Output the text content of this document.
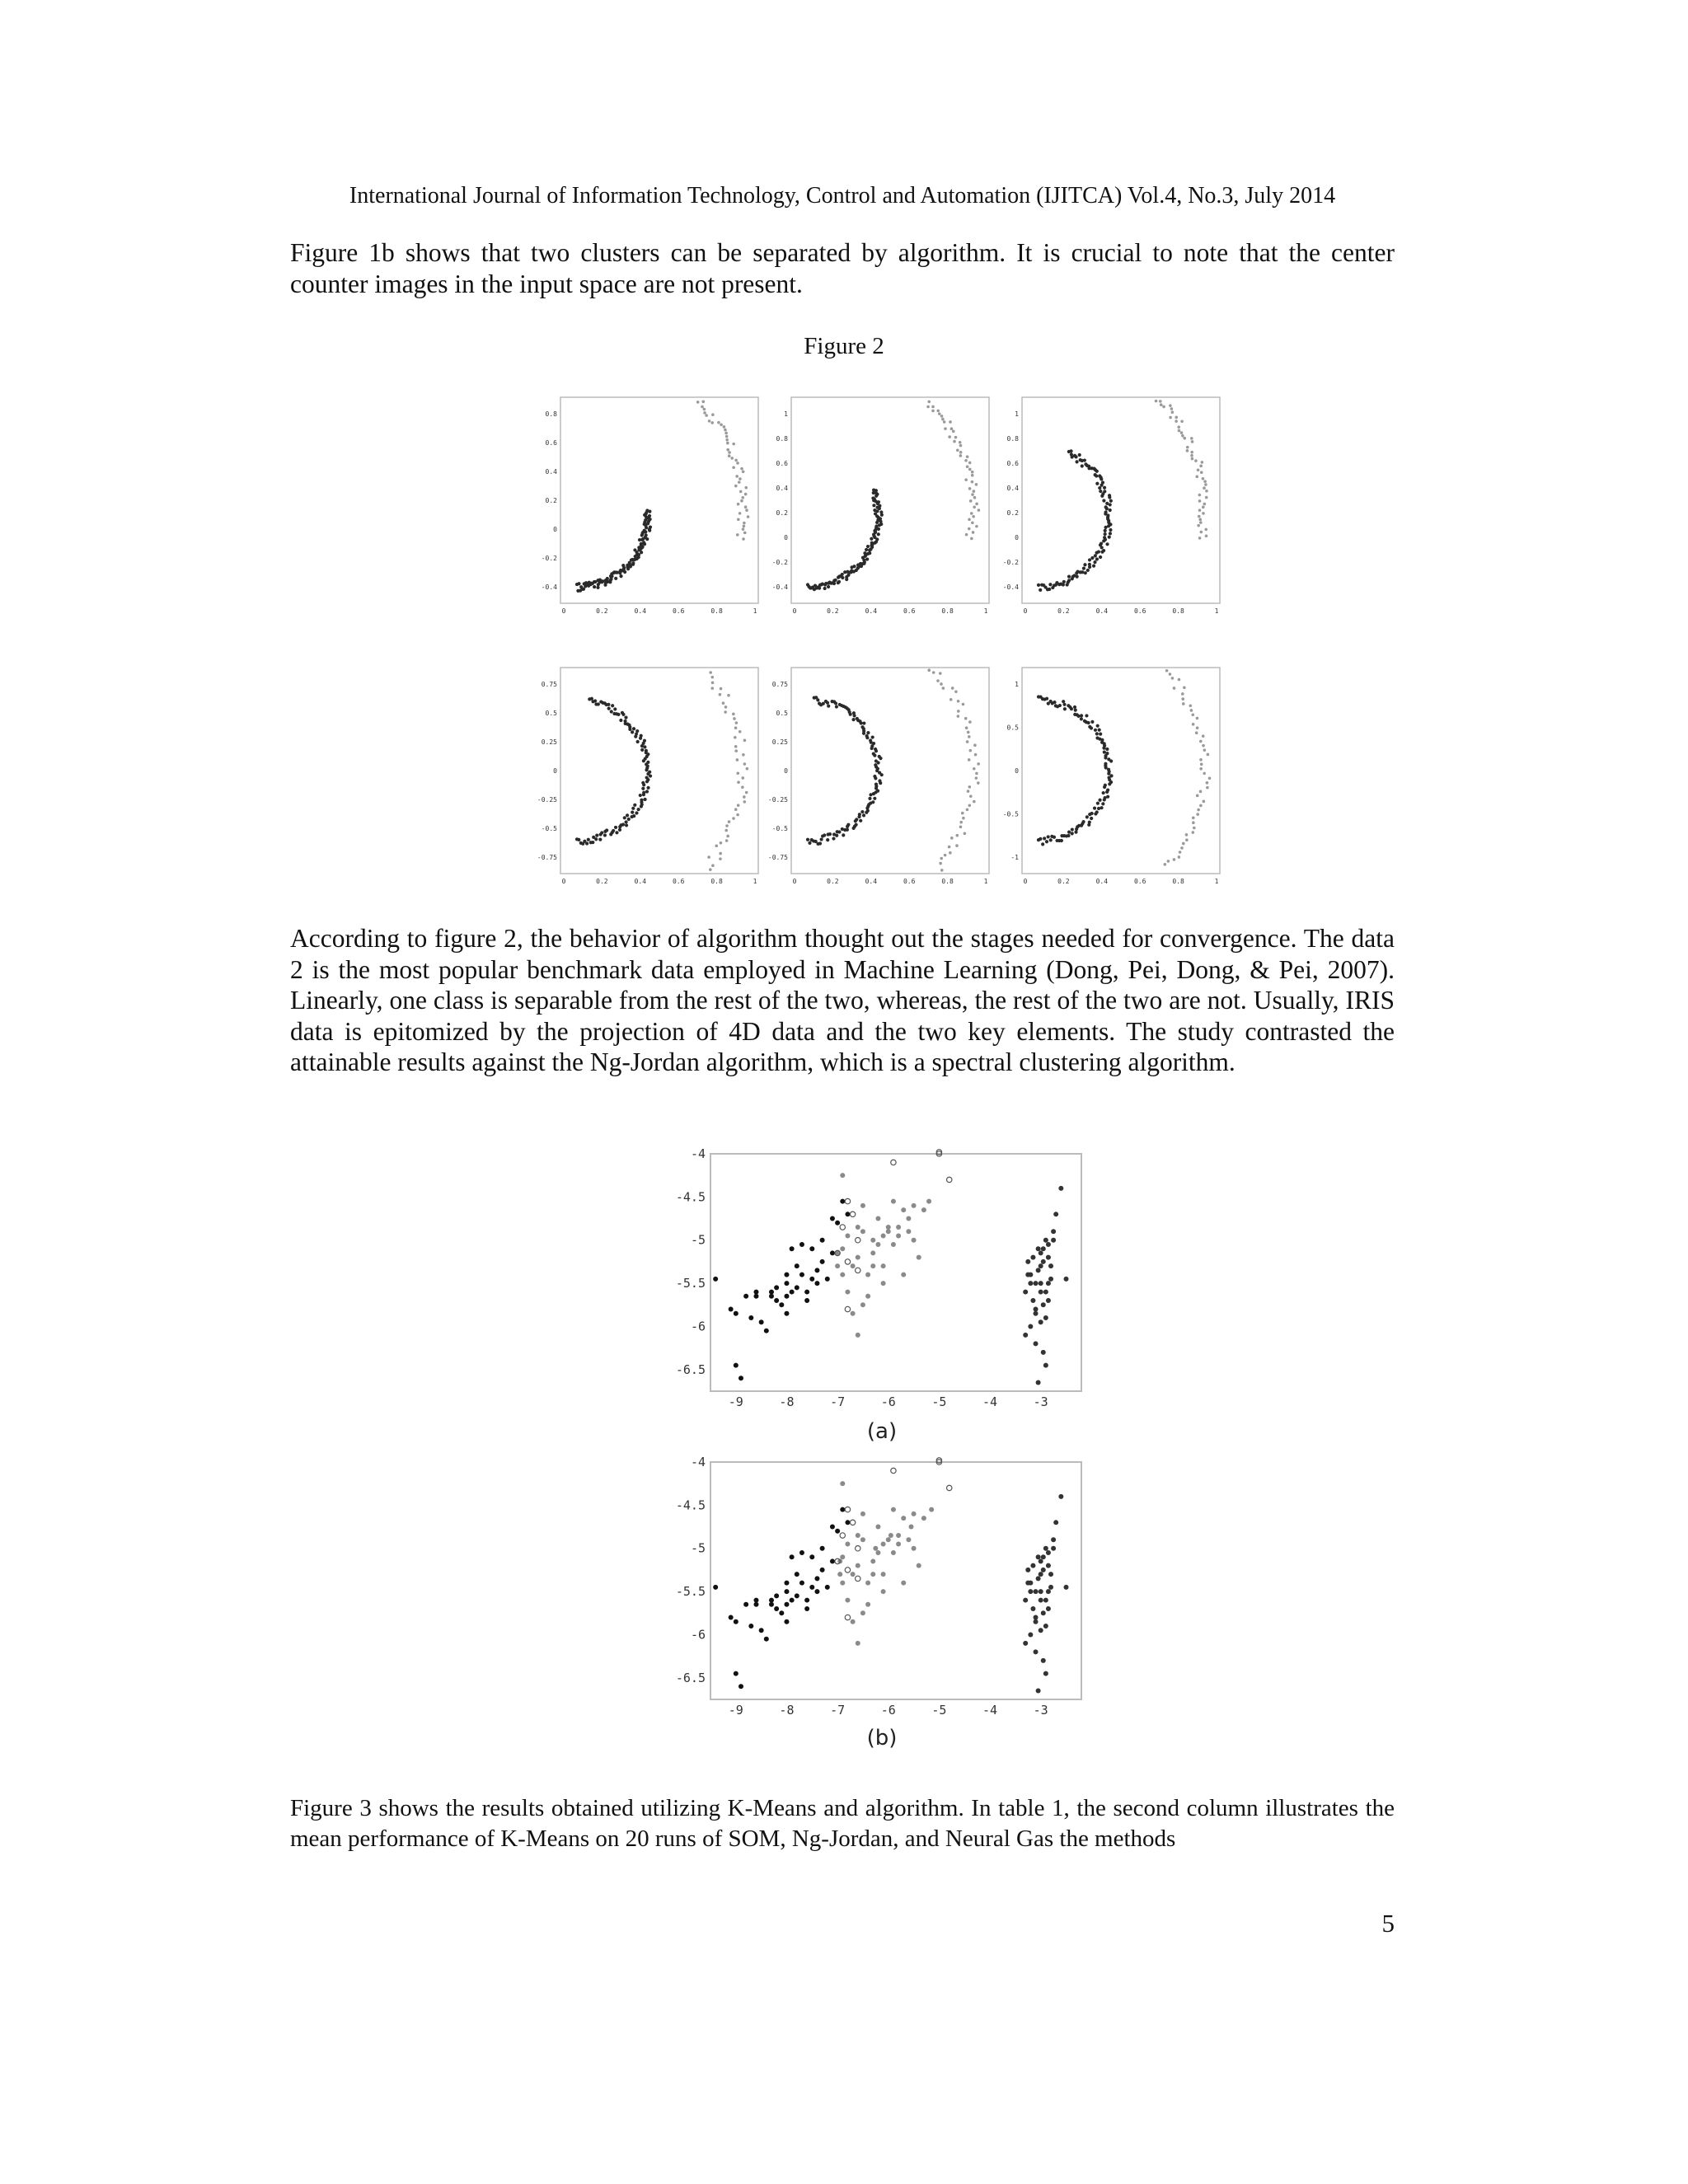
International Journal of Information Technology, Control and Automation (IJITCA) Vol.4, No.3, July 2014

Figure 1b shows that two clusters can be separated by algorithm. It is crucial to note that the center counter images in the input space are not present.

Figure 2
0.8
0.6
0.4
0.2
0
-0.2
-0.4
0	0.2	0.4	0.6	0.8	1
1
0.8
0.6
0.4
0.2
0
-0.2
-0.4
0	0.2	0.4	0.6	0.8	1
1
0.8
0.6
0.4
0.2
0
-0.2
-0.4
0	0.2	0.4	0.6	0.8	1
0.75
0.5
0.25
0
-0.25
-0.5
-0.75
0	0.2	0.4	0.6	0.8	1
0.75
0.5
0.25
0
-0.25
-0.5
-0.75
0	0.2	0.4	0.6	0.8	1
1
0.5
0
-0.5
-1
0	0.2	0.4	0.6	0.8	1

According to figure 2, the behavior of algorithm thought out the stages needed for convergence. The data 2 is the most popular benchmark data employed in Machine Learning (Dong, Pei, Dong, & Pei, 2007). Linearly, one class is separable from the rest of the two, whereas, the rest of the two are not. Usually, IRIS data is epitomized by the projection of 4D data and the two key elements. The study contrasted the attainable results against the Ng-Jordan algorithm, which is a spectral clustering algorithm.

-4
-4.5
-5
-5.5
-6
-6.5
-9	-8	-7	-6	-5	-4	-3
-4
-4.5
-5
-5.5
-6
-6.5
-9	-8	-7	-6	-5	-4	-3
(a)
(b)

Figure 3 shows the results obtained utilizing K-Means and algorithm. In table 1, the second column illustrates the mean performance of K-Means on 20 runs of SOM, Ng-Jordan, and Neural Gas the methods

5
